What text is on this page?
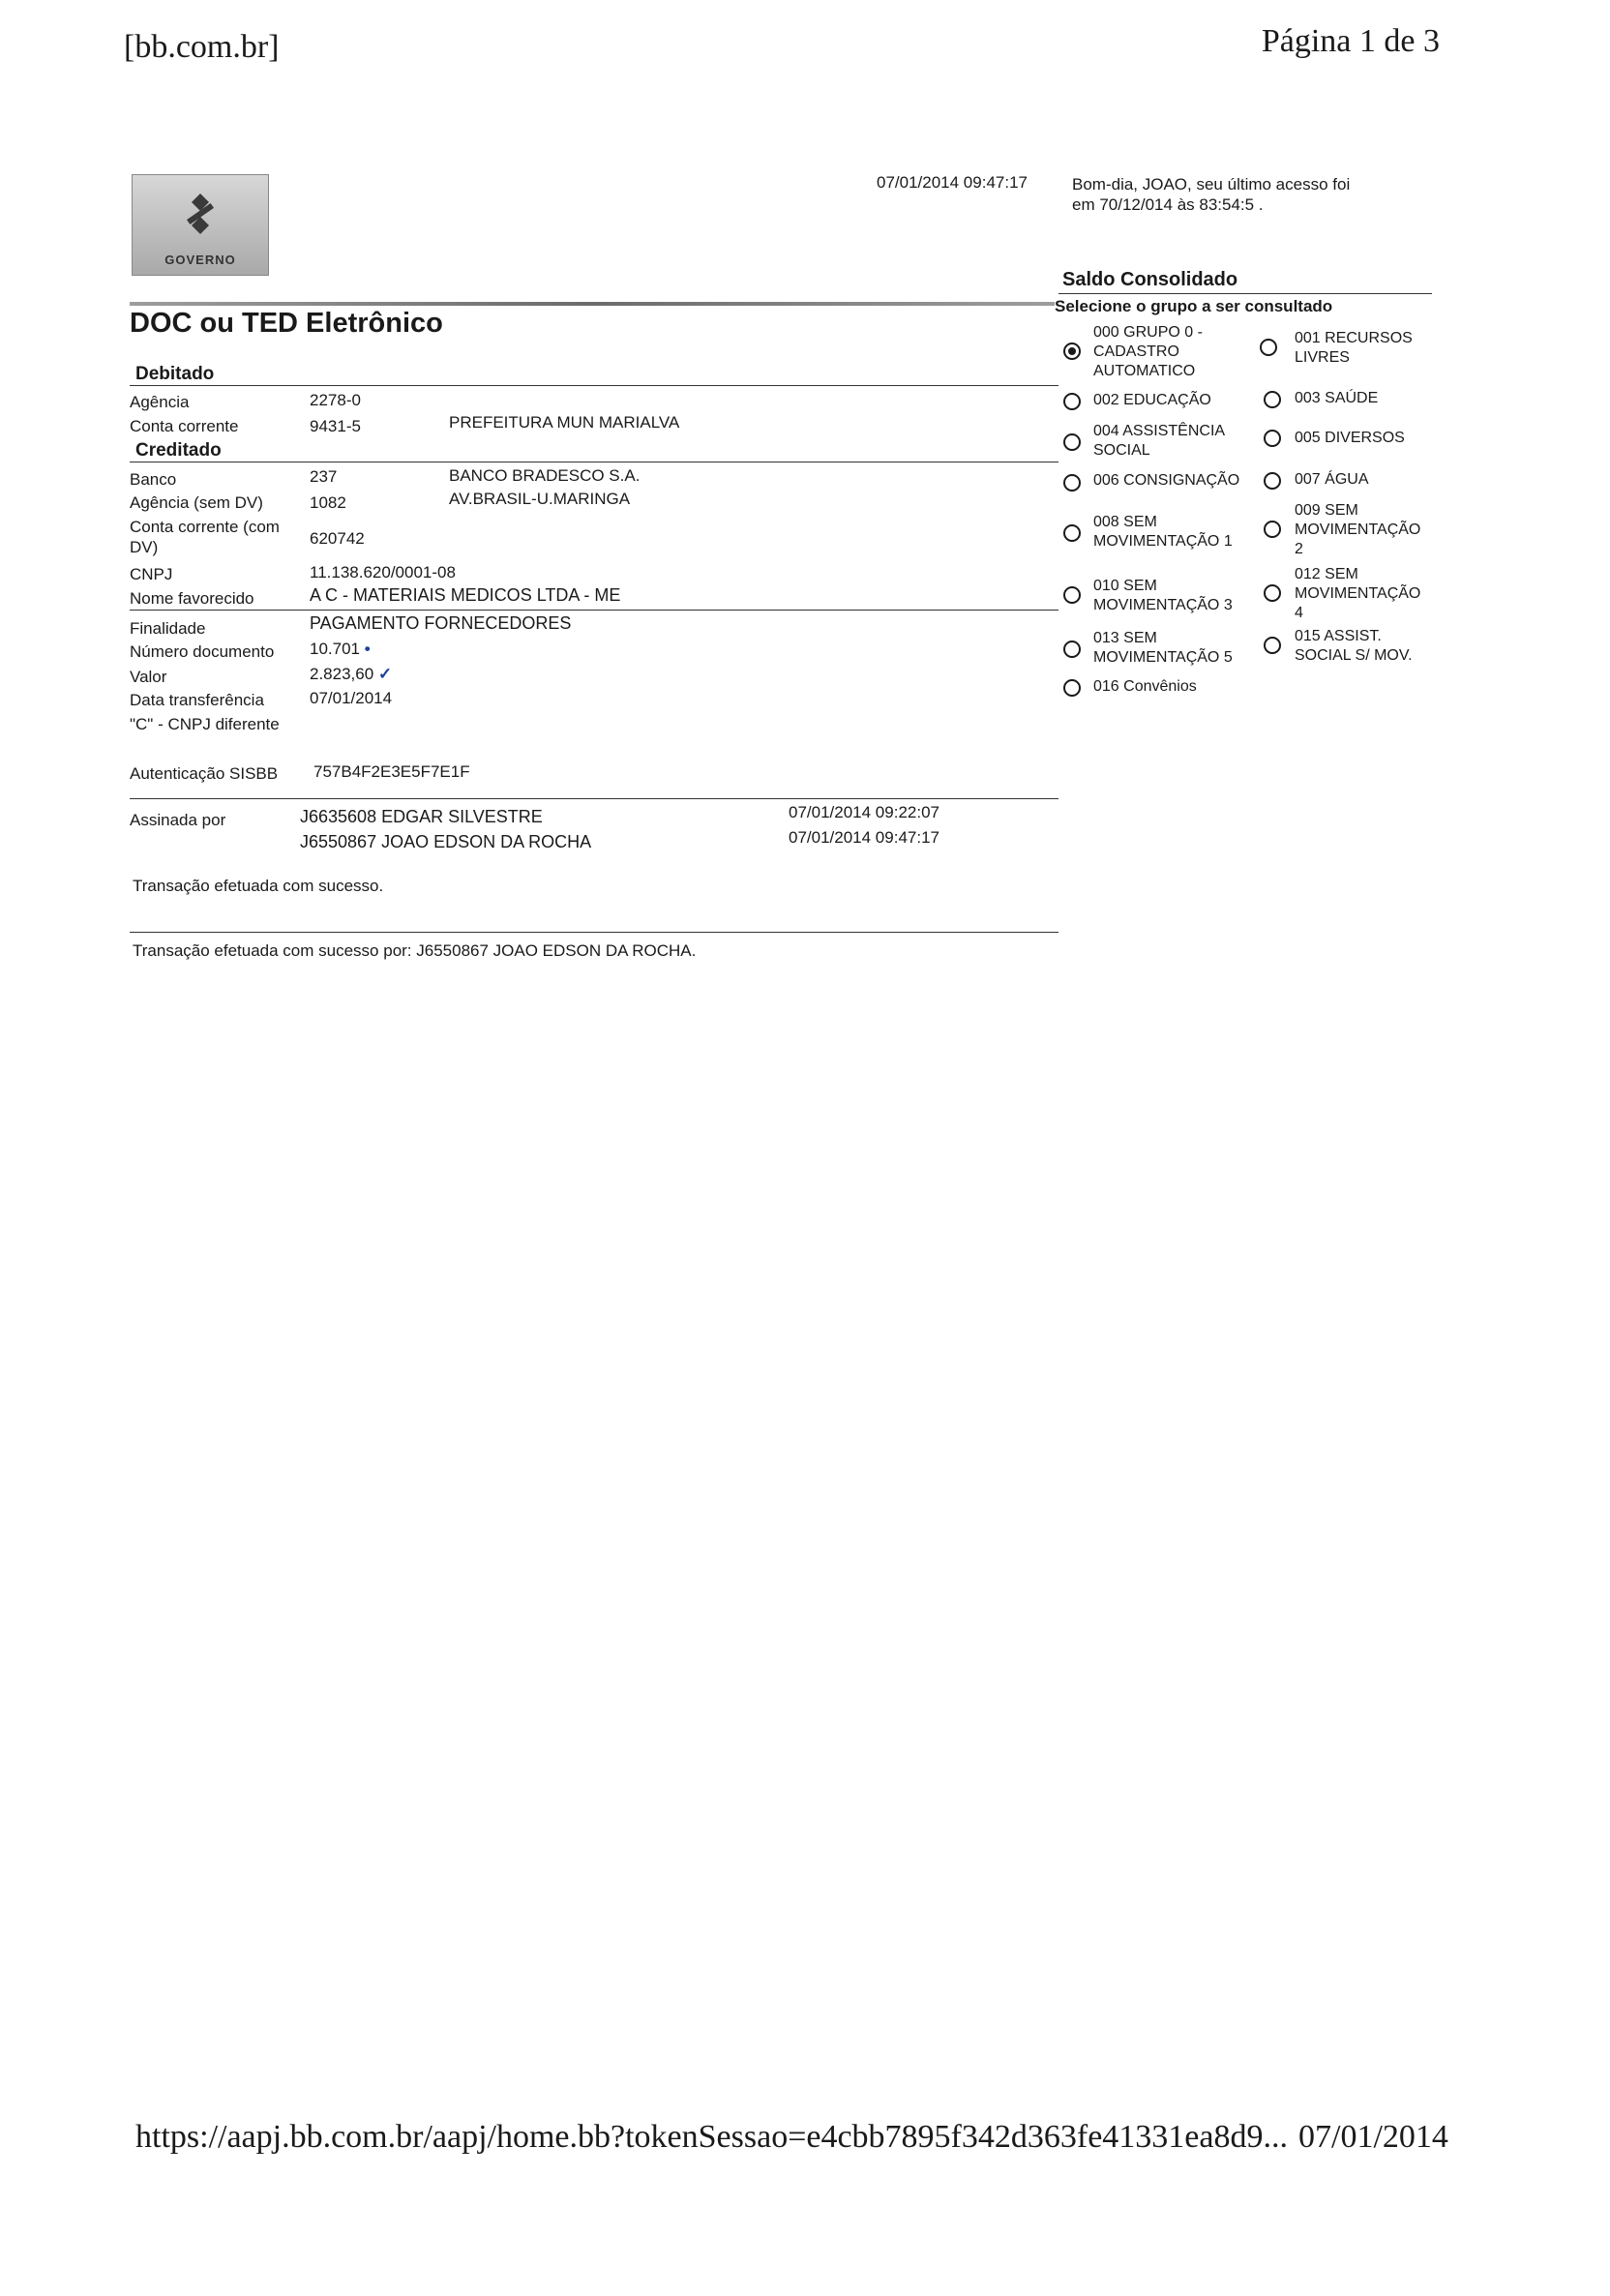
[bb.com.br]	Página 1 de 3
GOVERNO
07/01/2014 09:47:17	Bom-dia, JOAO, seu último acesso foi
em 70/12/014 às 83:54:5 .
DOC ou TED Eletrônico
Debitado
Agência	2278-0
Conta corrente	9431-5	PREFEITURA MUN MARIALVA
Creditado
Banco	237	BANCO BRADESCO S.A.
Agência (sem DV)	1082	AV.BRASIL-U.MARINGA
Conta corrente (com
DV)	620742
CNPJ	11.138.620/0001-08
Nome favorecido	A C - MATERIAIS MEDICOS LTDA - ME
Finalidade	PAGAMENTO FORNECEDORES
Número documento 10.701 •
Valor	2.823,60 ✓
Data transferência	07/01/2014
"C" - CNPJ diferente
Autenticação SISBB 757B4F2E3E5F7E1F
Assinada por	J6635608 EDGAR SILVESTRE	07/01/2014 09:22:07
J6550867 JOAO EDSON DA ROCHA	07/01/2014 09:47:17
Transação efetuada com sucesso.
Transação efetuada com sucesso por: J6550867 JOAO EDSON DA ROCHA.
Saldo Consolidado
Selecione o grupo a ser consultado
000 GRUPO 0 -
CADASTRO
AUTOMATICO
001 RECURSOS
LIVRES
002 EDUCAÇÃO	003 SAÚDE
004 ASSISTÊNCIA
SOCIAL
005 DIVERSOS
006 CONSIGNAÇÃO	007 ÁGUA
008 SEM
MOVIMENTAÇÃO 1
009 SEM
MOVIMENTAÇÃO
2
010 SEM
MOVIMENTAÇÃO 3
012 SEM
MOVIMENTAÇÃO
4
013 SEM
MOVIMENTAÇÃO 5
015 ASSIST.
SOCIAL S/ MOV.
016 Convênios
https://aapj.bb.com.br/aapj/home.bb?tokenSessao=e4cbb7895f342d363fe41331ea8d9... 07/01/2014
